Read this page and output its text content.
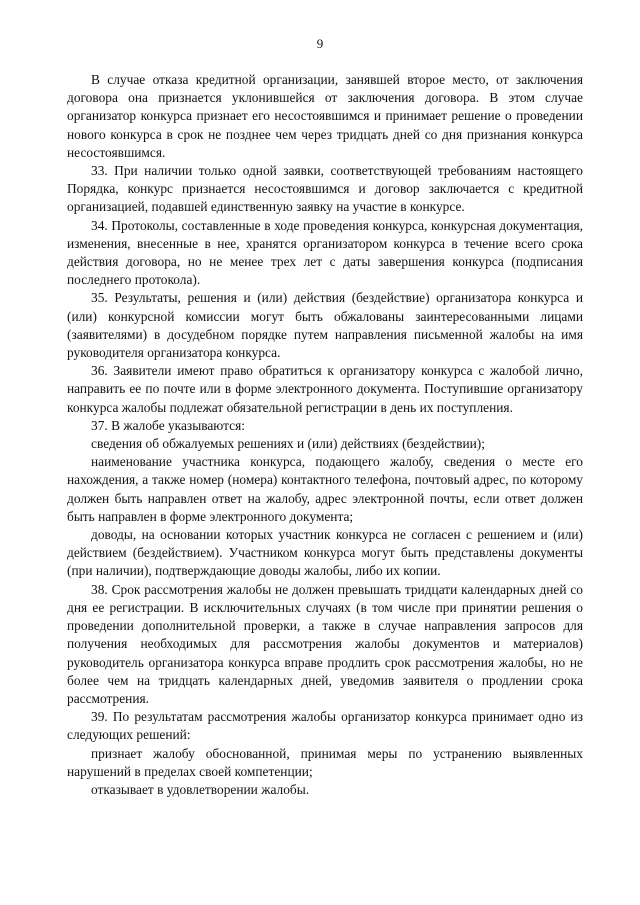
9

В случае отказа кредитной организации, занявшей второе место, от заключения договора она признается уклонившейся от заключения договора. В этом случае организатор конкурса признает его несостоявшимся и принимает решение о проведении нового конкурса в срок не позднее чем через тридцать дней со дня признания конкурса несостоявшимся.

33. При наличии только одной заявки, соответствующей требованиям настоящего Порядка, конкурс признается несостоявшимся и договор заключается с кредитной организацией, подавшей единственную заявку на участие в конкурсе.

34. Протоколы, составленные в ходе проведения конкурса, конкурсная документация, изменения, внесенные в нее, хранятся организатором конкурса в течение всего срока действия договора, но не менее трех лет с даты завершения конкурса (подписания последнего протокола).

35. Результаты, решения и (или) действия (бездействие) организатора конкурса и (или) конкурсной комиссии могут быть обжалованы заинтересованными лицами (заявителями) в досудебном порядке путем направления письменной жалобы на имя руководителя организатора конкурса.

36. Заявители имеют право обратиться к организатору конкурса с жалобой лично, направить ее по почте или в форме электронного документа. Поступившие организатору конкурса жалобы подлежат обязательной регистрации в день их поступления.

37. В жалобе указываются:

сведения об обжалуемых решениях и (или) действиях (бездействии);

наименование участника конкурса, подающего жалобу, сведения о месте его нахождения, а также номер (номера) контактного телефона, почтовый адрес, по которому должен быть направлен ответ на жалобу, адрес электронной почты, если ответ должен быть направлен в форме электронного документа;

доводы, на основании которых участник конкурса не согласен с решением и (или) действием (бездействием). Участником конкурса могут быть представлены документы (при наличии), подтверждающие доводы жалобы, либо их копии.

38. Срок рассмотрения жалобы не должен превышать тридцати календарных дней со дня ее регистрации. В исключительных случаях (в том числе при принятии решения о проведении дополнительной проверки, а также в случае направления запросов для получения необходимых для рассмотрения жалобы документов и материалов) руководитель организатора конкурса вправе продлить срок рассмотрения жалобы, но не более чем на тридцать календарных дней, уведомив заявителя о продлении срока рассмотрения.

39. По результатам рассмотрения жалобы организатор конкурса принимает одно из следующих решений:

признает жалобу обоснованной, принимая меры по устранению выявленных нарушений в пределах своей компетенции;

отказывает в удовлетворении жалобы.
